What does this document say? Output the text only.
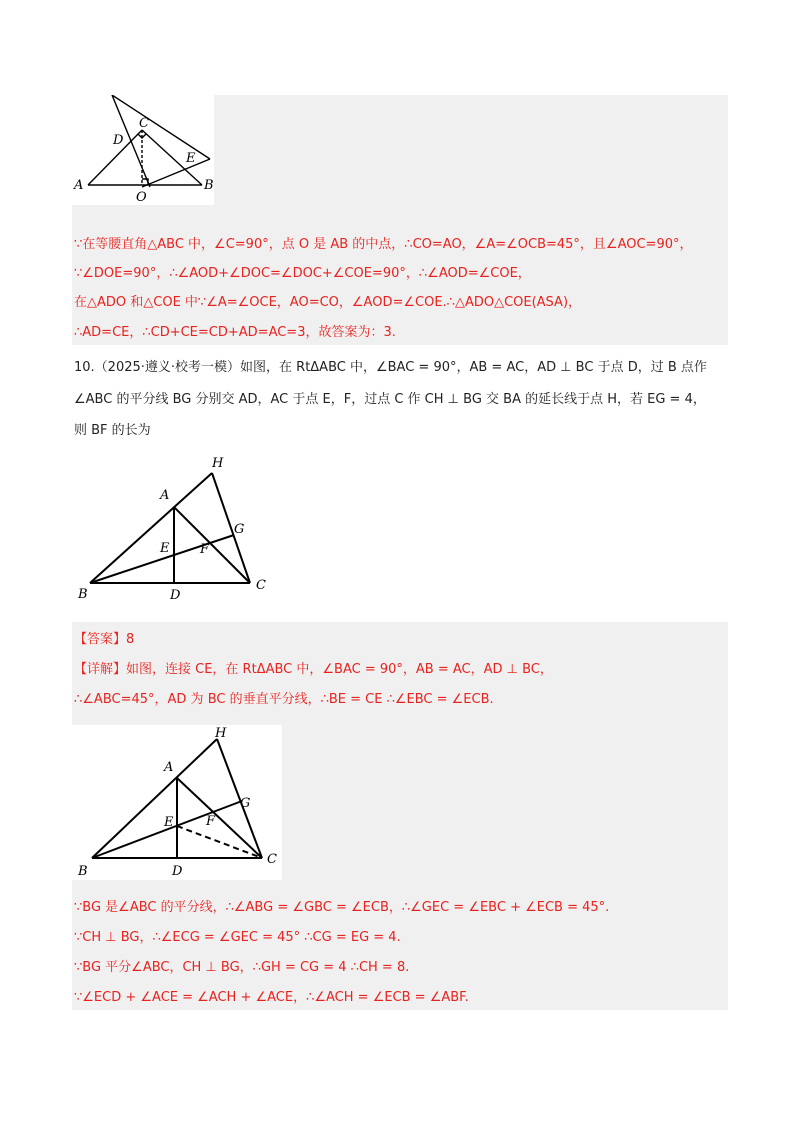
C
D
E
A
O
B
∵在等腰直角△ABC 中，∠C=90°，点 O 是 AB 的中点，∴CO=AO，∠A=∠OCB=45°，且∠AOC=90°，
∵∠DOE=90°，∴∠AOD+∠DOC=∠DOC+∠COE=90°，∴∠AOD=∠COE，
在△ADO 和△COE 中∵∠A=∠OCE，AO=CO，∠AOD=∠COE.∴△ADO△COE(ASA)，
∴AD=CE，∴CD+CE=CD+AD=AC=3，故答案为：3.
10.（2025·遵义·校考一模）如图，在 RtΔABC 中，∠BAC = 90°，AB = AC，AD ⊥ BC 于点 D，过 B 点作
∠ABC 的平分线 BG 分别交 AD，AC 于点 E，F，过点 C 作 CH ⊥ BG 交 BA 的延长线于点 H，若 EG = 4，
则 BF 的长为
H
A
G
E F
B	D
C
【答案】8
【详解】如图，连接 CE，在 RtΔABC 中，∠BAC = 90°，AB = AC，AD ⊥ BC，
∴∠ABC=45°，AD 为 BC 的垂直平分线，∴BE = CE ∴∠EBC = ∠ECB.
H
A
G
E	F
B	D
C
∵BG 是∠ABC 的平分线，∴∠ABG = ∠GBC = ∠ECB，∴∠GEC = ∠EBC + ∠ECB = 45°.
∵CH ⊥ BG，∴∠ECG = ∠GEC = 45° ∴CG = EG = 4.
∵BG 平分∠ABC，CH ⊥ BG，∴GH = CG = 4 ∴CH = 8.
∵∠ECD + ∠ACE = ∠ACH + ∠ACE，∴∠ACH = ∠ECB = ∠ABF.
